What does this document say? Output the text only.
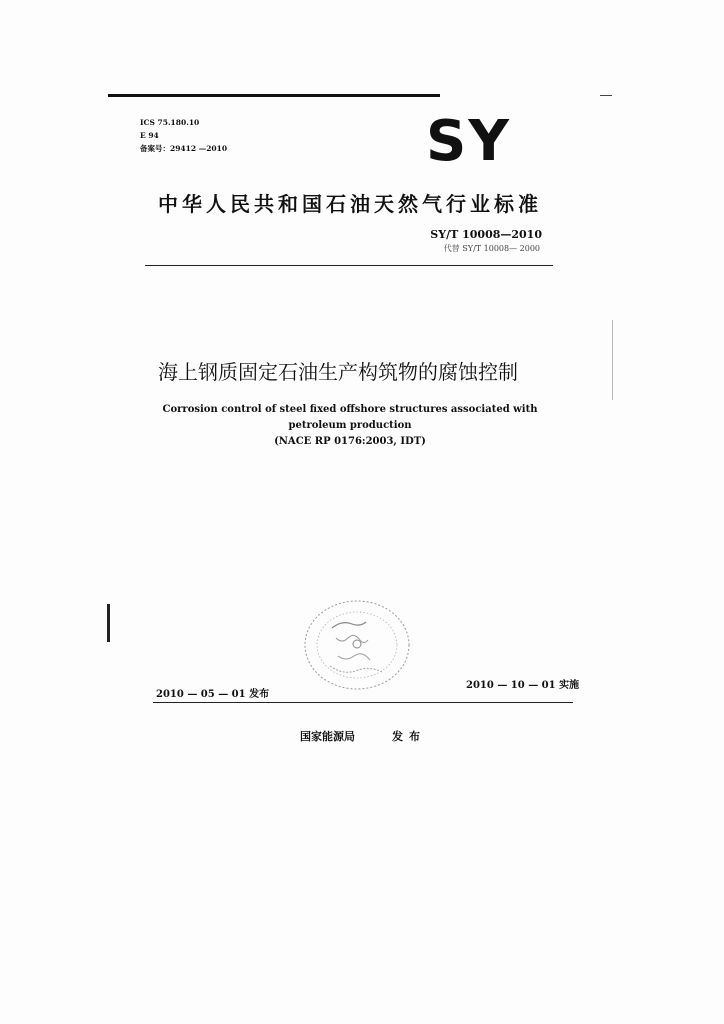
ICS 75.180.10
E 94
备案号：29412 —2010	SY
中华人民共和国石油天然气行业标准
SY/T 10008—2010
代替 SY/T 10008— 2000
海上钢质固定石油生产构筑物的腐蚀控制
Corrosion control of steel fixed offshore structures associated with
petroleum production
(NACE RP 0176:2003, IDT)
2010 — 05 — 01 发布
2010 — 10 — 01 实施
国家能源局	发布
